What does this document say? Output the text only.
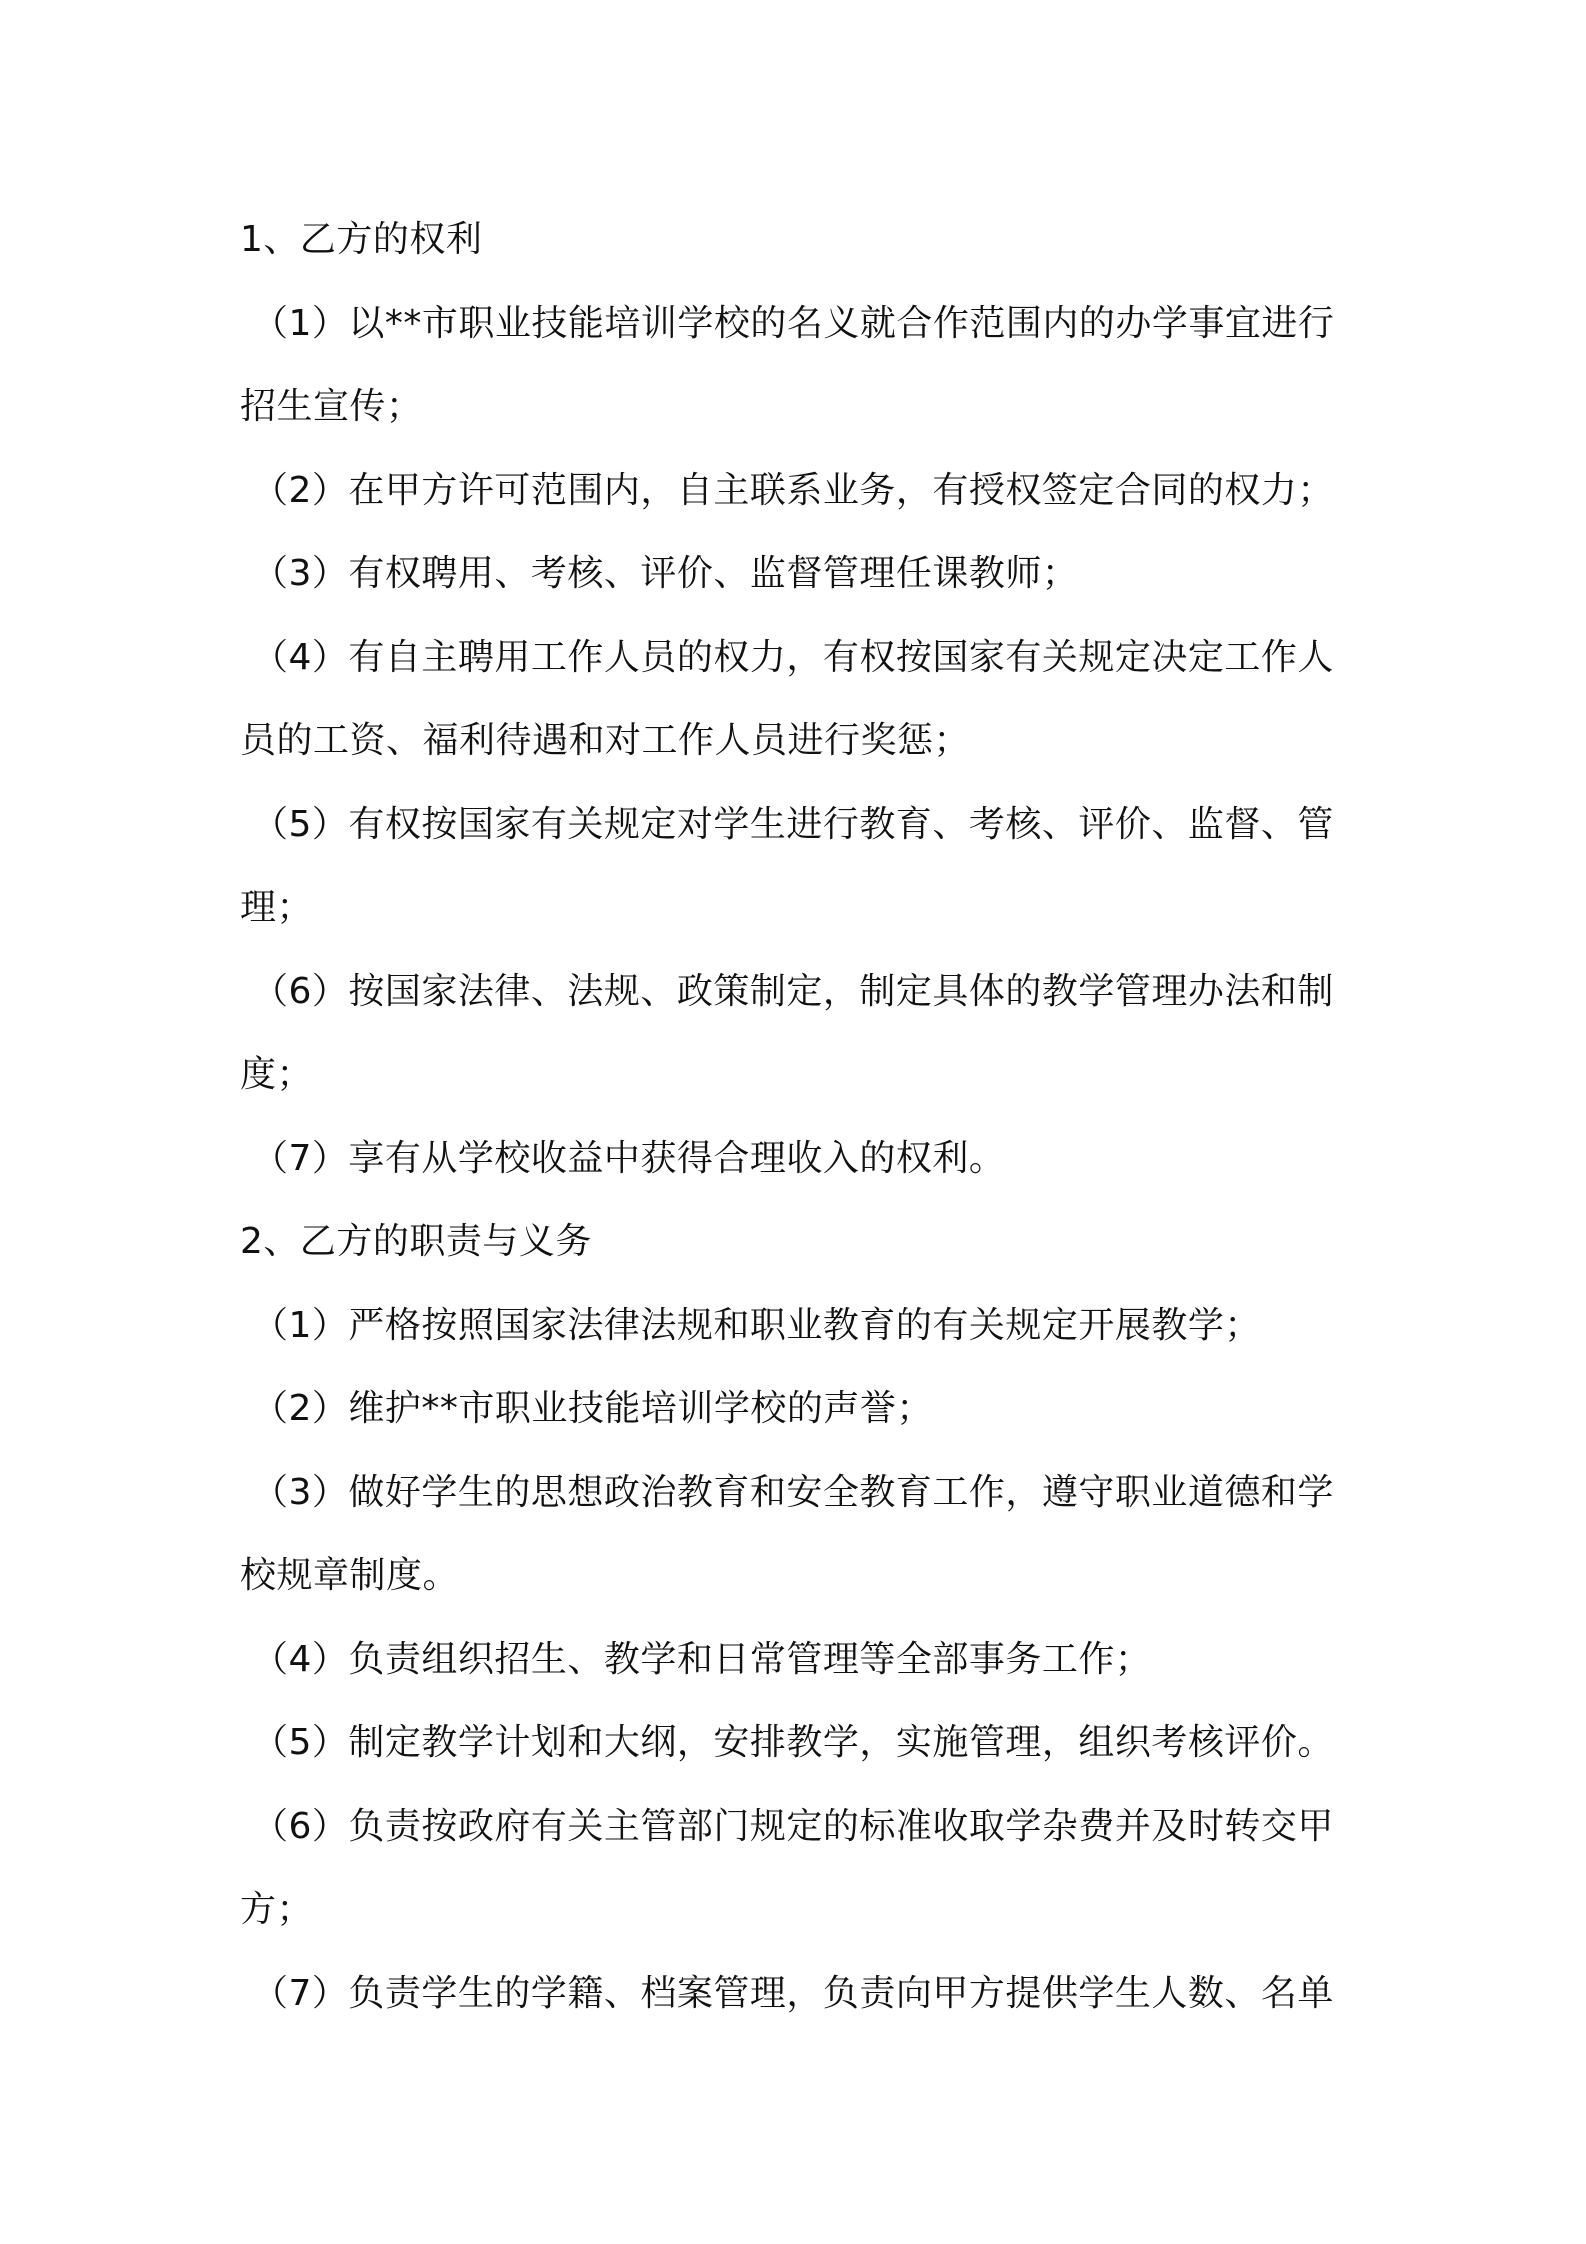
1、乙方的权利
（1）以**市职业技能培训学校的名义就合作范围内的办学事宜进行
招生宣传；
（2）在甲方许可范围内，自主联系业务，有授权签定合同的权力；
（3）有权聘用、考核、评价、监督管理任课教师；
（4）有自主聘用工作人员的权力，有权按国家有关规定决定工作人
员的工资、福利待遇和对工作人员进行奖惩；
（5）有权按国家有关规定对学生进行教育、考核、评价、监督、管
理；
（6）按国家法律、法规、政策制定，制定具体的教学管理办法和制
度；
（7）享有从学校收益中获得合理收入的权利。
2、乙方的职责与义务
（1）严格按照国家法律法规和职业教育的有关规定开展教学；
（2）维护**市职业技能培训学校的声誉；
（3）做好学生的思想政治教育和安全教育工作，遵守职业道德和学
校规章制度。
（4）负责组织招生、教学和日常管理等全部事务工作；
（5）制定教学计划和大纲，安排教学，实施管理，组织考核评价。
（6）负责按政府有关主管部门规定的标准收取学杂费并及时转交甲
方；
（7）负责学生的学籍、档案管理，负责向甲方提供学生人数、名单
